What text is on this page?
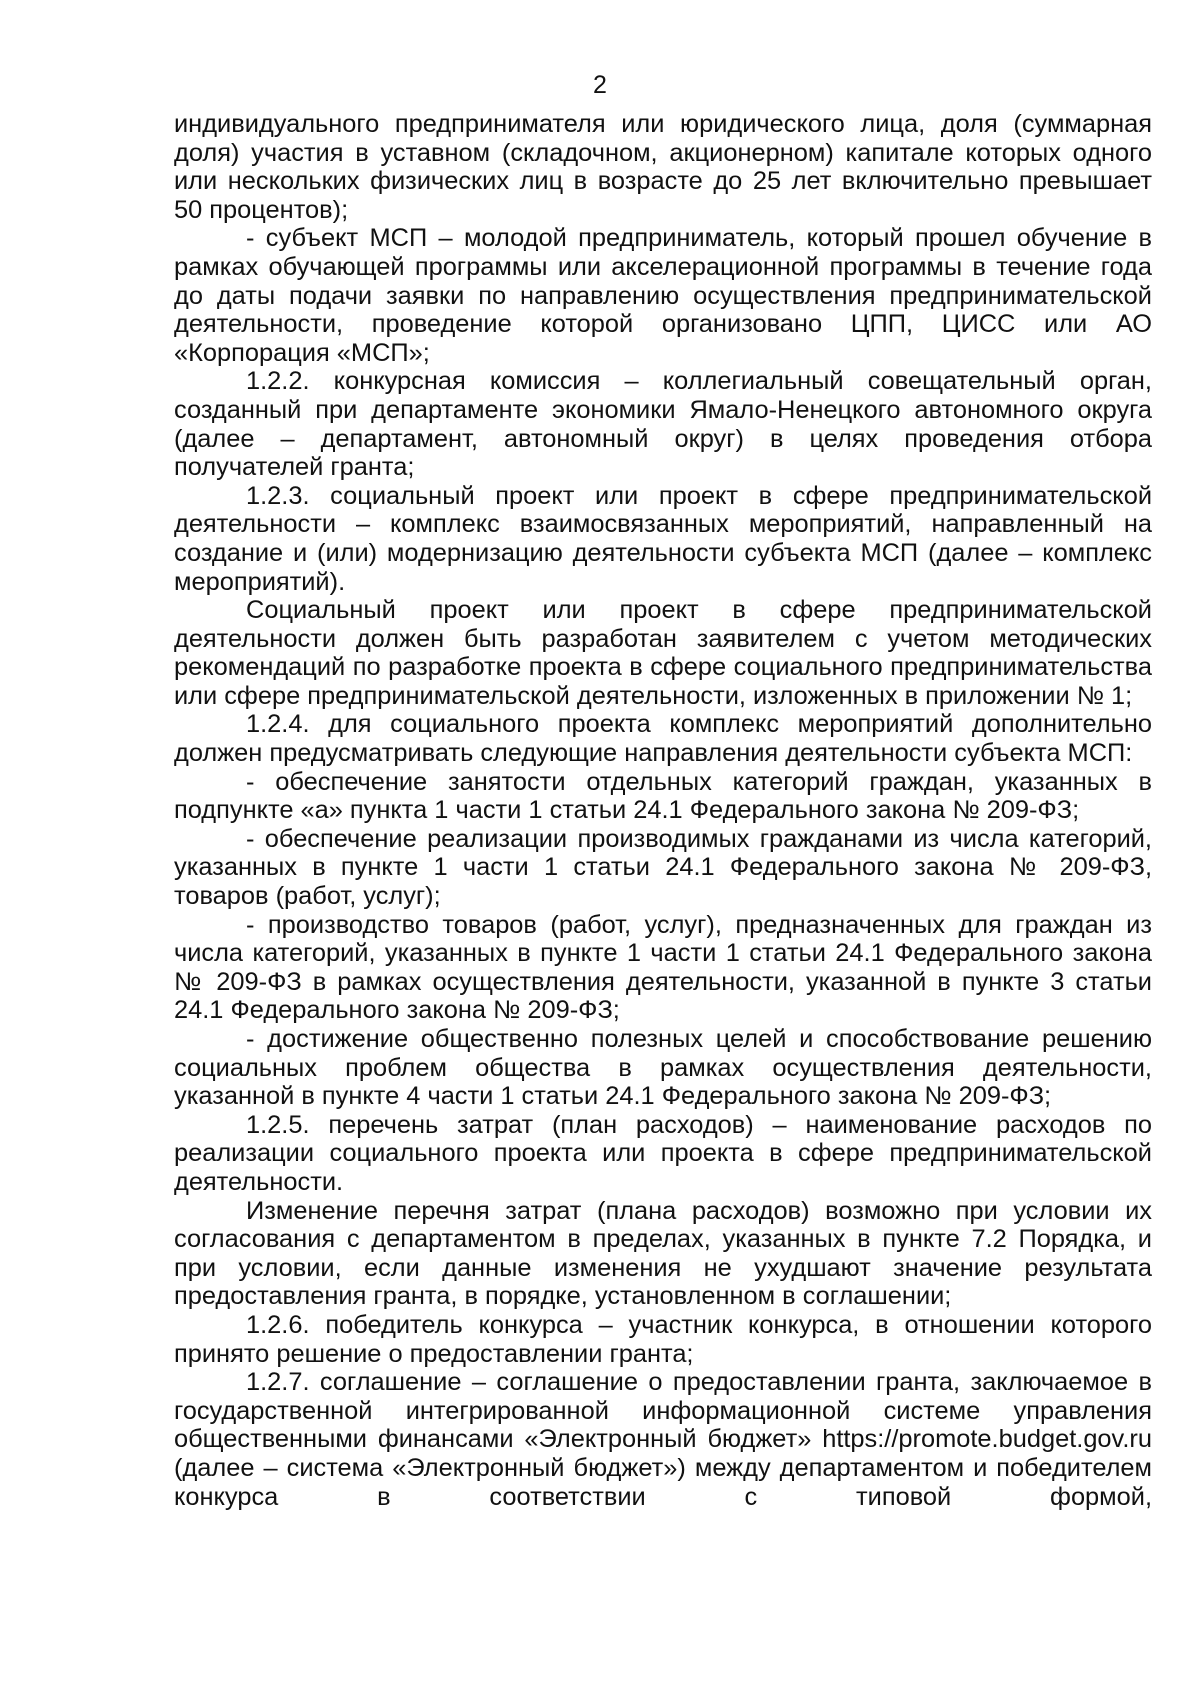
2

индивидуального предпринимателя или юридического лица, доля (суммарная доля) участия в уставном (складочном, акционерном) капитале которых одного или нескольких физических лиц в возрасте до 25 лет включительно превышает 50 процентов);

- субъект МСП – молодой предприниматель, который прошел обучение в рамках обучающей программы или акселерационной программы в течение года до даты подачи заявки по направлению осуществления предпринимательской деятельности, проведение которой организовано ЦПП, ЦИСС или АО «Корпорация «МСП»;

1.2.2. конкурсная комиссия – коллегиальный совещательный орган, созданный при департаменте экономики Ямало-Ненецкого автономного округа (далее – департамент, автономный округ) в целях проведения отбора получателей гранта;

1.2.3. социальный проект или проект в сфере предпринимательской деятельности – комплекс взаимосвязанных мероприятий, направленный на создание и (или) модернизацию деятельности субъекта МСП (далее – комплекс мероприятий).

Социальный проект или проект в сфере предпринимательской деятельности должен быть разработан заявителем с учетом методических рекомендаций по разработке проекта в сфере социального предпринимательства или сфере предпринимательской деятельности, изложенных в приложении № 1;

1.2.4. для социального проекта комплекс мероприятий дополнительно должен предусматривать следующие направления деятельности субъекта МСП:

- обеспечение занятости отдельных категорий граждан, указанных в подпункте «а» пункта 1 части 1 статьи 24.1 Федерального закона № 209-ФЗ;

- обеспечение реализации производимых гражданами из числа категорий, указанных в пункте 1 части 1 статьи 24.1 Федерального закона № 209-ФЗ, товаров (работ, услуг);

- производство товаров (работ, услуг), предназначенных для граждан из числа категорий, указанных в пункте 1 части 1 статьи 24.1 Федерального закона № 209-ФЗ в рамках осуществления деятельности, указанной в пункте 3 статьи 24.1 Федерального закона № 209-ФЗ;

- достижение общественно полезных целей и способствование решению социальных проблем общества в рамках осуществления деятельности, указанной в пункте 4 части 1 статьи 24.1 Федерального закона № 209-ФЗ;

1.2.5. перечень затрат (план расходов) – наименование расходов по реализации социального проекта или проекта в сфере предпринимательской деятельности.

Изменение перечня затрат (плана расходов) возможно при условии их согласования с департаментом в пределах, указанных в пункте 7.2 Порядка, и при условии, если данные изменения не ухудшают значение результата предоставления гранта, в порядке, установленном в соглашении;

1.2.6. победитель конкурса – участник конкурса, в отношении которого принято решение о предоставлении гранта;

1.2.7. соглашение – соглашение о предоставлении гранта, заключаемое в государственной интегрированной информационной системе управления общественными финансами «Электронный бюджет» https://promote.budget.gov.ru (далее – система «Электронный бюджет») между департаментом и победителем конкурса в соответствии с типовой формой,
